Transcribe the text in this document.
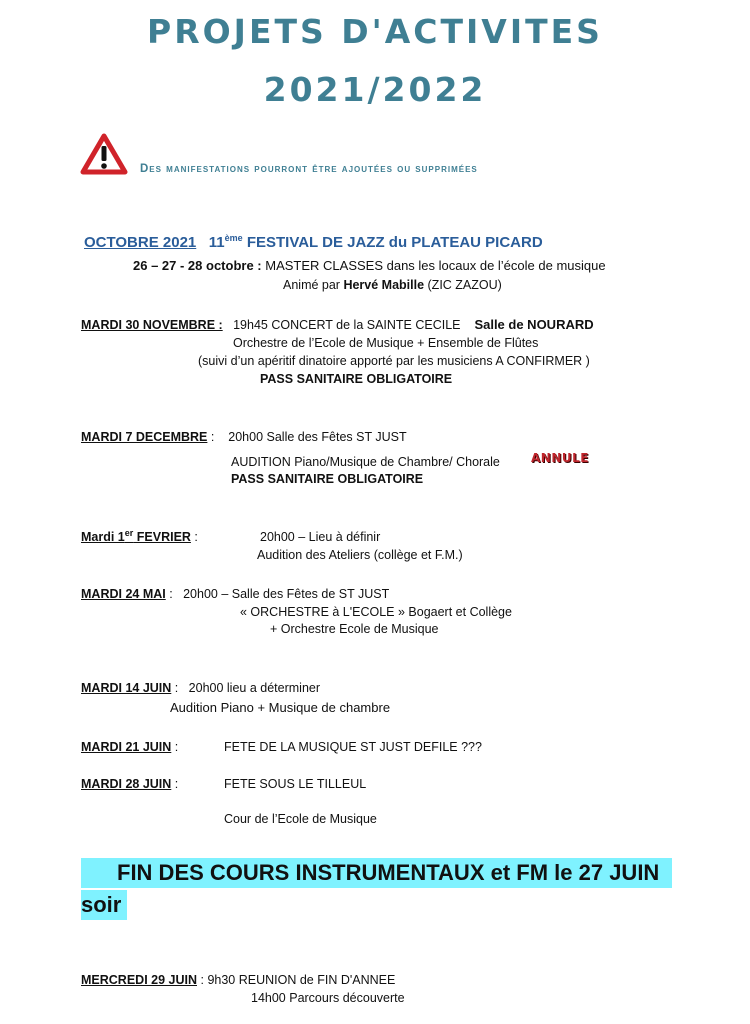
PROJETS D'ACTIVITES
2021/2022
Des manifestations pourront être ajoutées ou supprimées
OCTOBRE 2021 11ème FESTIVAL DE JAZZ du PLATEAU PICARD
26 – 27 - 28 octobre : MASTER CLASSES dans les locaux de l’école de musique
Animé par Hervé Mabille (ZIC ZAZOU)
MARDI 30 NOVEMBRE : 19h45 CONCERT de la SAINTE CECILE Salle de NOURARD
Orchestre de l’Ecole de Musique + Ensemble de Flûtes
(suivi d’un apéritif dinatoire apporté par les musiciens A CONFIRMER )
PASS SANITAIRE OBLIGATOIRE
MARDI 7 DECEMBRE : 20h00 Salle des Fêtes ST JUST
AUDITION Piano/Musique de Chambre/ Chorale	ANNULE
PASS SANITAIRE OBLIGATOIRE
Mardi 1er FEVRIER :	20h00 – Lieu à définir
Audition des Ateliers (collège et F.M.)
MARDI 24 MAI : 20h00 – Salle des Fêtes de ST JUST
« ORCHESTRE à L'ECOLE » Bogaert et Collège
+ Orchestre Ecole de Musique
MARDI 14 JUIN : 20h00 lieu a déterminer
Audition Piano + Musique de chambre
MARDI 21 JUIN :	FETE DE LA MUSIQUE ST JUST DEFILE ???
MARDI 28 JUIN :	FETE SOUS LE TILLEUL
Cour de l’Ecole de Musique
FIN DES COURS INSTRUMENTAUX et FM le 27 JUIN
soir
MERCREDI 29 JUIN : 9h30 REUNION de FIN D'ANNEE
14h00 Parcours découverte
